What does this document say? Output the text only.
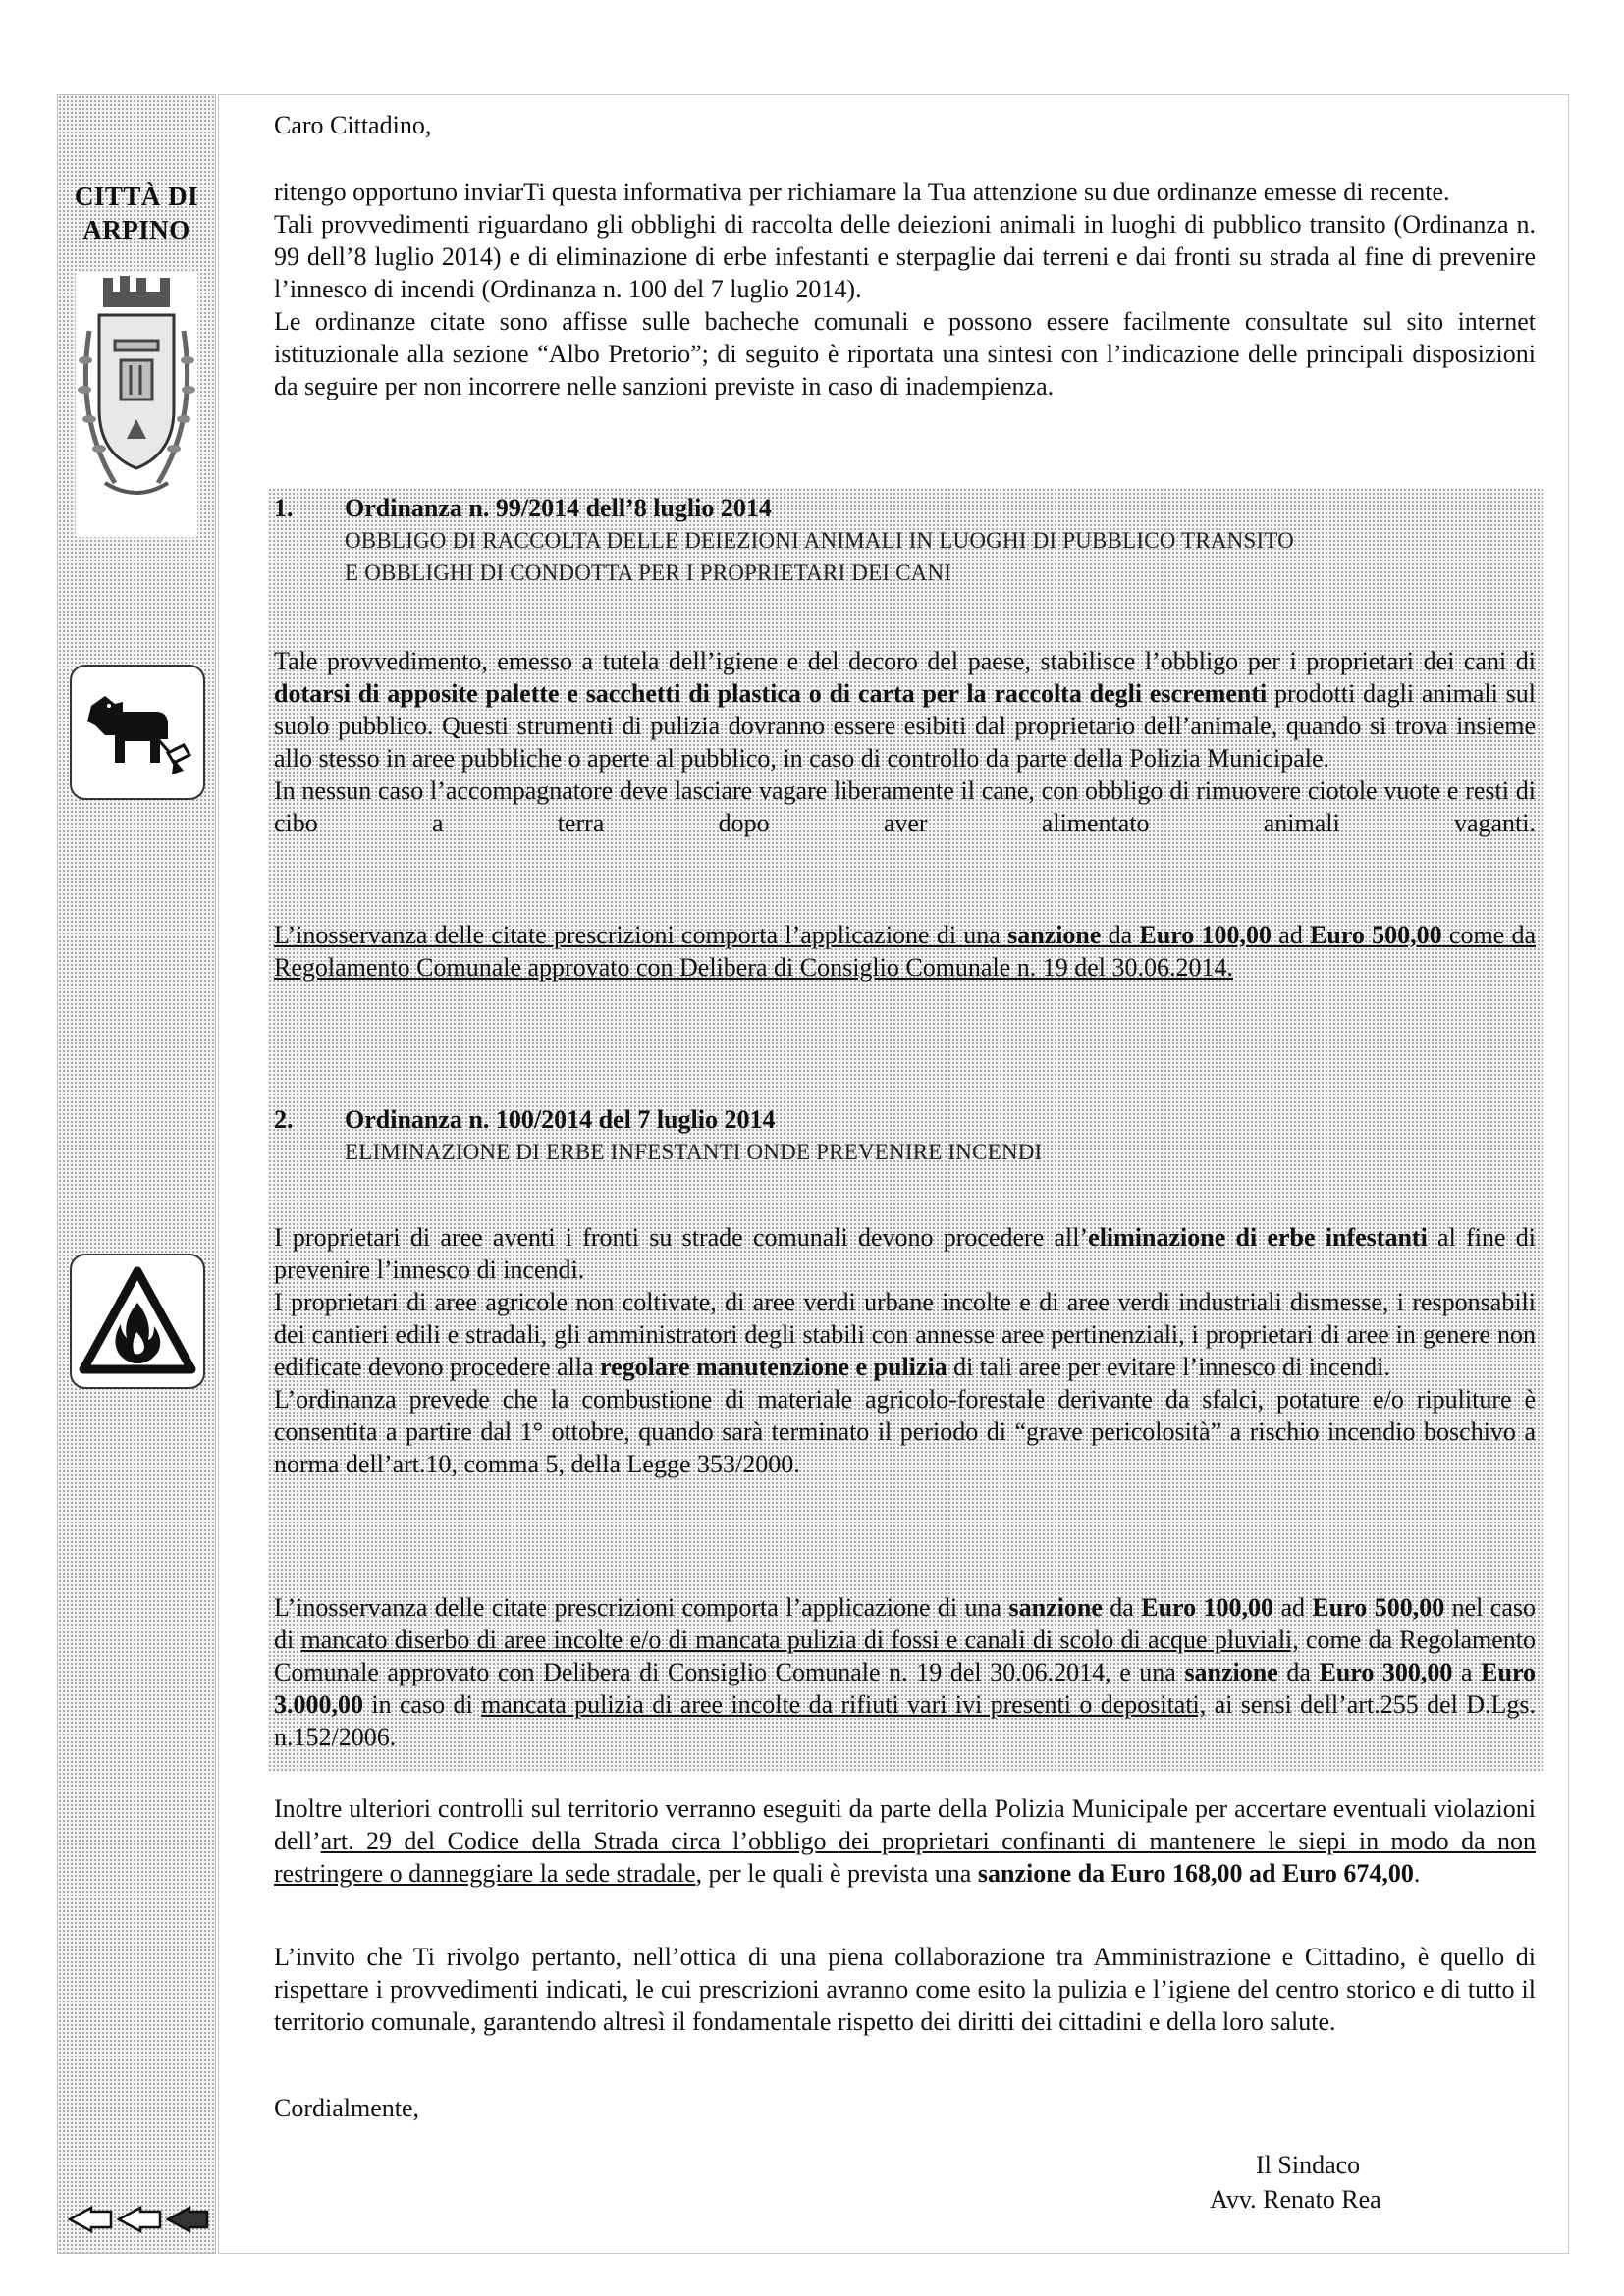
CITTÀ DI
ARPINO
Caro Cittadino,

ritengo opportuno inviarTi questa informativa per richiamare la Tua attenzione su due ordinanze emesse di recente.

Tali provvedimenti riguardano gli obblighi di raccolta delle deiezioni animali in luoghi di pubblico transito (Ordinanza n. 99 dell’8 luglio 2014) e di eliminazione di erbe infestanti e sterpaglie dai terreni e dai fronti su strada al fine di prevenire l’innesco di incendi (Ordinanza n. 100 del 7 luglio 2014).

Le ordinanze citate sono affisse sulle bacheche comunali e possono essere facilmente consultate sul sito internet istituzionale alla sezione “Albo Pretorio”; di seguito è riportata una sintesi con l’indicazione delle principali disposizioni da seguire per non incorrere nelle sanzioni previste in caso di inadempienza.

1. Ordinanza n. 99/2014 dell’8 luglio 2014
OBBLIGO DI RACCOLTA DELLE DEIEZIONI ANIMALI IN LUOGHI DI PUBBLICO TRANSITO
E OBBLIGHI DI CONDOTTA PER I PROPRIETARI DEI CANI

Tale provvedimento, emesso a tutela dell’igiene e del decoro del paese, stabilisce l’obbligo per i proprietari dei cani di dotarsi di apposite palette e sacchetti di plastica o di carta per la raccolta degli escrementi prodotti dagli animali sul suolo pubblico. Questi strumenti di pulizia dovranno essere esibiti dal proprietario dell’animale, quando si trova insieme allo stesso in aree pubbliche o aperte al pubblico, in caso di controllo da parte della Polizia Municipale.

In nessun caso l’accompagnatore deve lasciare vagare liberamente il cane, con obbligo di rimuovere ciotole vuote e resti di cibo a terra dopo aver alimentato animali vaganti.

L’inosservanza delle citate prescrizioni comporta l’applicazione di una sanzione da Euro 100,00 ad Euro 500,00 come da Regolamento Comunale approvato con Delibera di Consiglio Comunale n. 19 del 30.06.2014.

2. Ordinanza n. 100/2014 del 7 luglio 2014
ELIMINAZIONE DI ERBE INFESTANTI ONDE PREVENIRE INCENDI

I proprietari di aree aventi i fronti su strade comunali devono procedere all’eliminazione di erbe infestanti al fine di prevenire l’innesco di incendi.

I proprietari di aree agricole non coltivate, di aree verdi urbane incolte e di aree verdi industriali dismesse, i responsabili dei cantieri edili e stradali, gli amministratori degli stabili con annesse aree pertinenziali, i proprietari di aree in genere non edificate devono procedere alla regolare manutenzione e pulizia di tali aree per evitare l’innesco di incendi.

L’ordinanza prevede che la combustione di materiale agricolo-forestale derivante da sfalci, potature e/o ripuliture è consentita a partire dal 1° ottobre, quando sarà terminato il periodo di “grave pericolosità” a rischio incendio boschivo a norma dell’art.10, comma 5, della Legge 353/2000.

L’inosservanza delle citate prescrizioni comporta l’applicazione di una sanzione da Euro 100,00 ad Euro 500,00 nel caso di mancato diserbo di aree incolte e/o di mancata pulizia di fossi e canali di scolo di acque pluviali, come da Regolamento Comunale approvato con Delibera di Consiglio Comunale n. 19 del 30.06.2014, e una sanzione da Euro 300,00 a Euro 3.000,00 in caso di mancata pulizia di aree incolte da rifiuti vari ivi presenti o depositati, ai sensi dell’art.255 del D.Lgs. n.152/2006.

Inoltre ulteriori controlli sul territorio verranno eseguiti da parte della Polizia Municipale per accertare eventuali violazioni dell’art. 29 del Codice della Strada circa l’obbligo dei proprietari confinanti di mantenere le siepi in modo da non restringere o danneggiare la sede stradale, per le quali è prevista una sanzione da Euro 168,00 ad Euro 674,00.

L’invito che Ti rivolgo pertanto, nell’ottica di una piena collaborazione tra Amministrazione e Cittadino, è quello di rispettare i provvedimenti indicati, le cui prescrizioni avranno come esito la pulizia e l’igiene del centro storico e di tutto il territorio comunale, garantendo altresì il fondamentale rispetto dei diritti dei cittadini e della loro salute.
Cordialmente,
Il Sindaco
Avv. Renato Rea
